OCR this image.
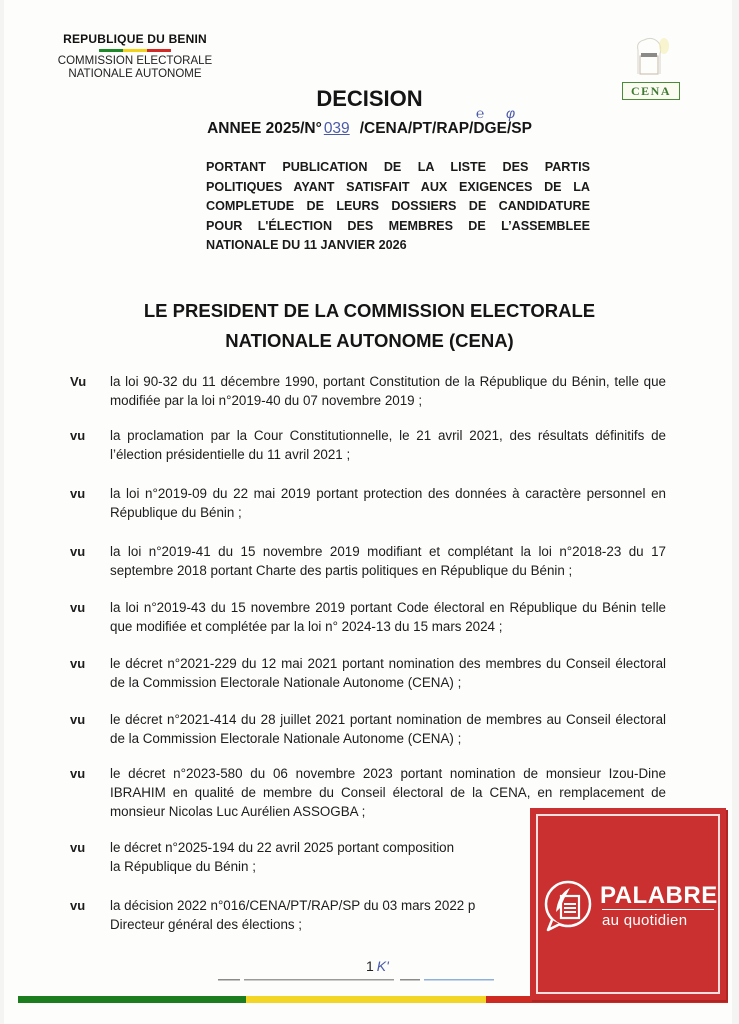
REPUBLIQUE DU BENIN
COMMISSION ELECTORALE
NATIONALE AUTONOME
CENA
DECISION
℮ φ
ANNEE 2025/N° 039 /CENA/PT/RAP/DGE/SP
PORTANT PUBLICATION DE LA LISTE DES PARTIS
POLITIQUES AYANT SATISFAIT AUX EXIGENCES DE LA
COMPLETUDE DE LEURS DOSSIERS DE CANDIDATURE
POUR L'ÉLECTION DES MEMBRES DE L’ASSEMBLEE
NATIONALE DU 11 JANVIER 2026
LE PRESIDENT DE LA COMMISSION ELECTORALE
NATIONALE AUTONOME (CENA)
Vu	la loi 90-32 du 11 décembre 1990, portant Constitution de la République du Bénin, telle que modifiée par la loi n°2019-40 du 07 novembre 2019 ;
vu	la proclamation par la Cour Constitutionnelle, le 21 avril 2021, des résultats définitifs de l’élection présidentielle du 11 avril 2021 ;
vu	la loi n°2019-09 du 22 mai 2019 portant protection des données à caractère personnel en République du Bénin ;
vu	la loi n°2019-41 du 15 novembre 2019 modifiant et complétant la loi n°2018-23 du 17 septembre 2018 portant Charte des partis politiques en République du Bénin ;
vu	la loi n°2019-43 du 15 novembre 2019 portant Code électoral en République du Bénin telle que modifiée et complétée par la loi n° 2024-13 du 15 mars 2024 ;
vu	le décret n°2021-229 du 12 mai 2021 portant nomination des membres du Conseil électoral de la Commission Electorale Nationale Autonome (CENA) ;
vu	le décret n°2021-414 du 28 juillet 2021 portant nomination de membres au Conseil électoral de la Commission Electorale Nationale Autonome (CENA) ;
vu	le décret n°2023-580 du 06 novembre 2023 portant nomination de monsieur Izou-Dine IBRAHIM en qualité de membre du Conseil électoral de la CENA, en remplacement de monsieur Nicolas Luc Aurélien ASSOGBA ;
vu	le décret n°2025-194 du 22 avril 2025 portant composition
la République du Bénin ;
vu	la décision 2022 n°016/CENA/PT/RAP/SP du 03 mars 2022 p
Directeur général des élections ;
1 K'
PALABRE
au quotidien
